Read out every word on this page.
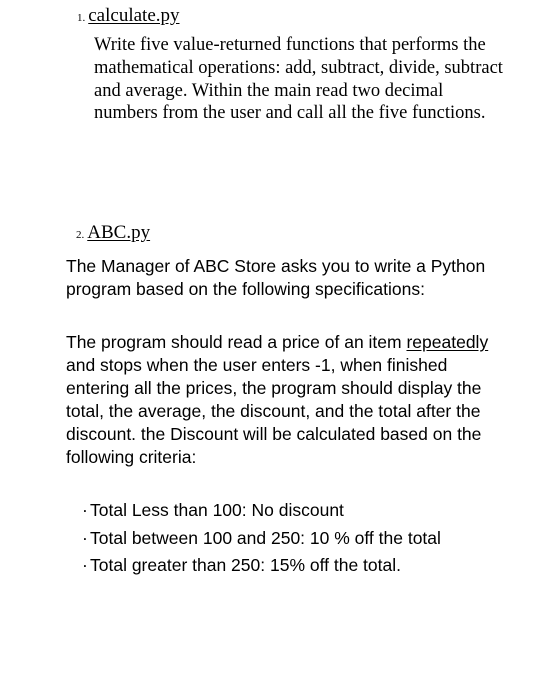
1. calculate.py
Write five value-returned functions that performs the mathematical operations: add, subtract, divide, subtract and average. Within the main read two decimal numbers from the user and call all the five functions.
2. ABC.py
The Manager of ABC Store asks you to write a Python program based on the following specifications:
The program should read a price of an item repeatedly and stops when the user enters -1, when finished entering all the prices, the program should display the total, the average, the discount, and the total after the discount. the Discount will be calculated based on the following criteria:
· Total Less than 100: No discount
· Total between 100 and 250: 10 % off the total
· Total greater than 250: 15% off the total.
